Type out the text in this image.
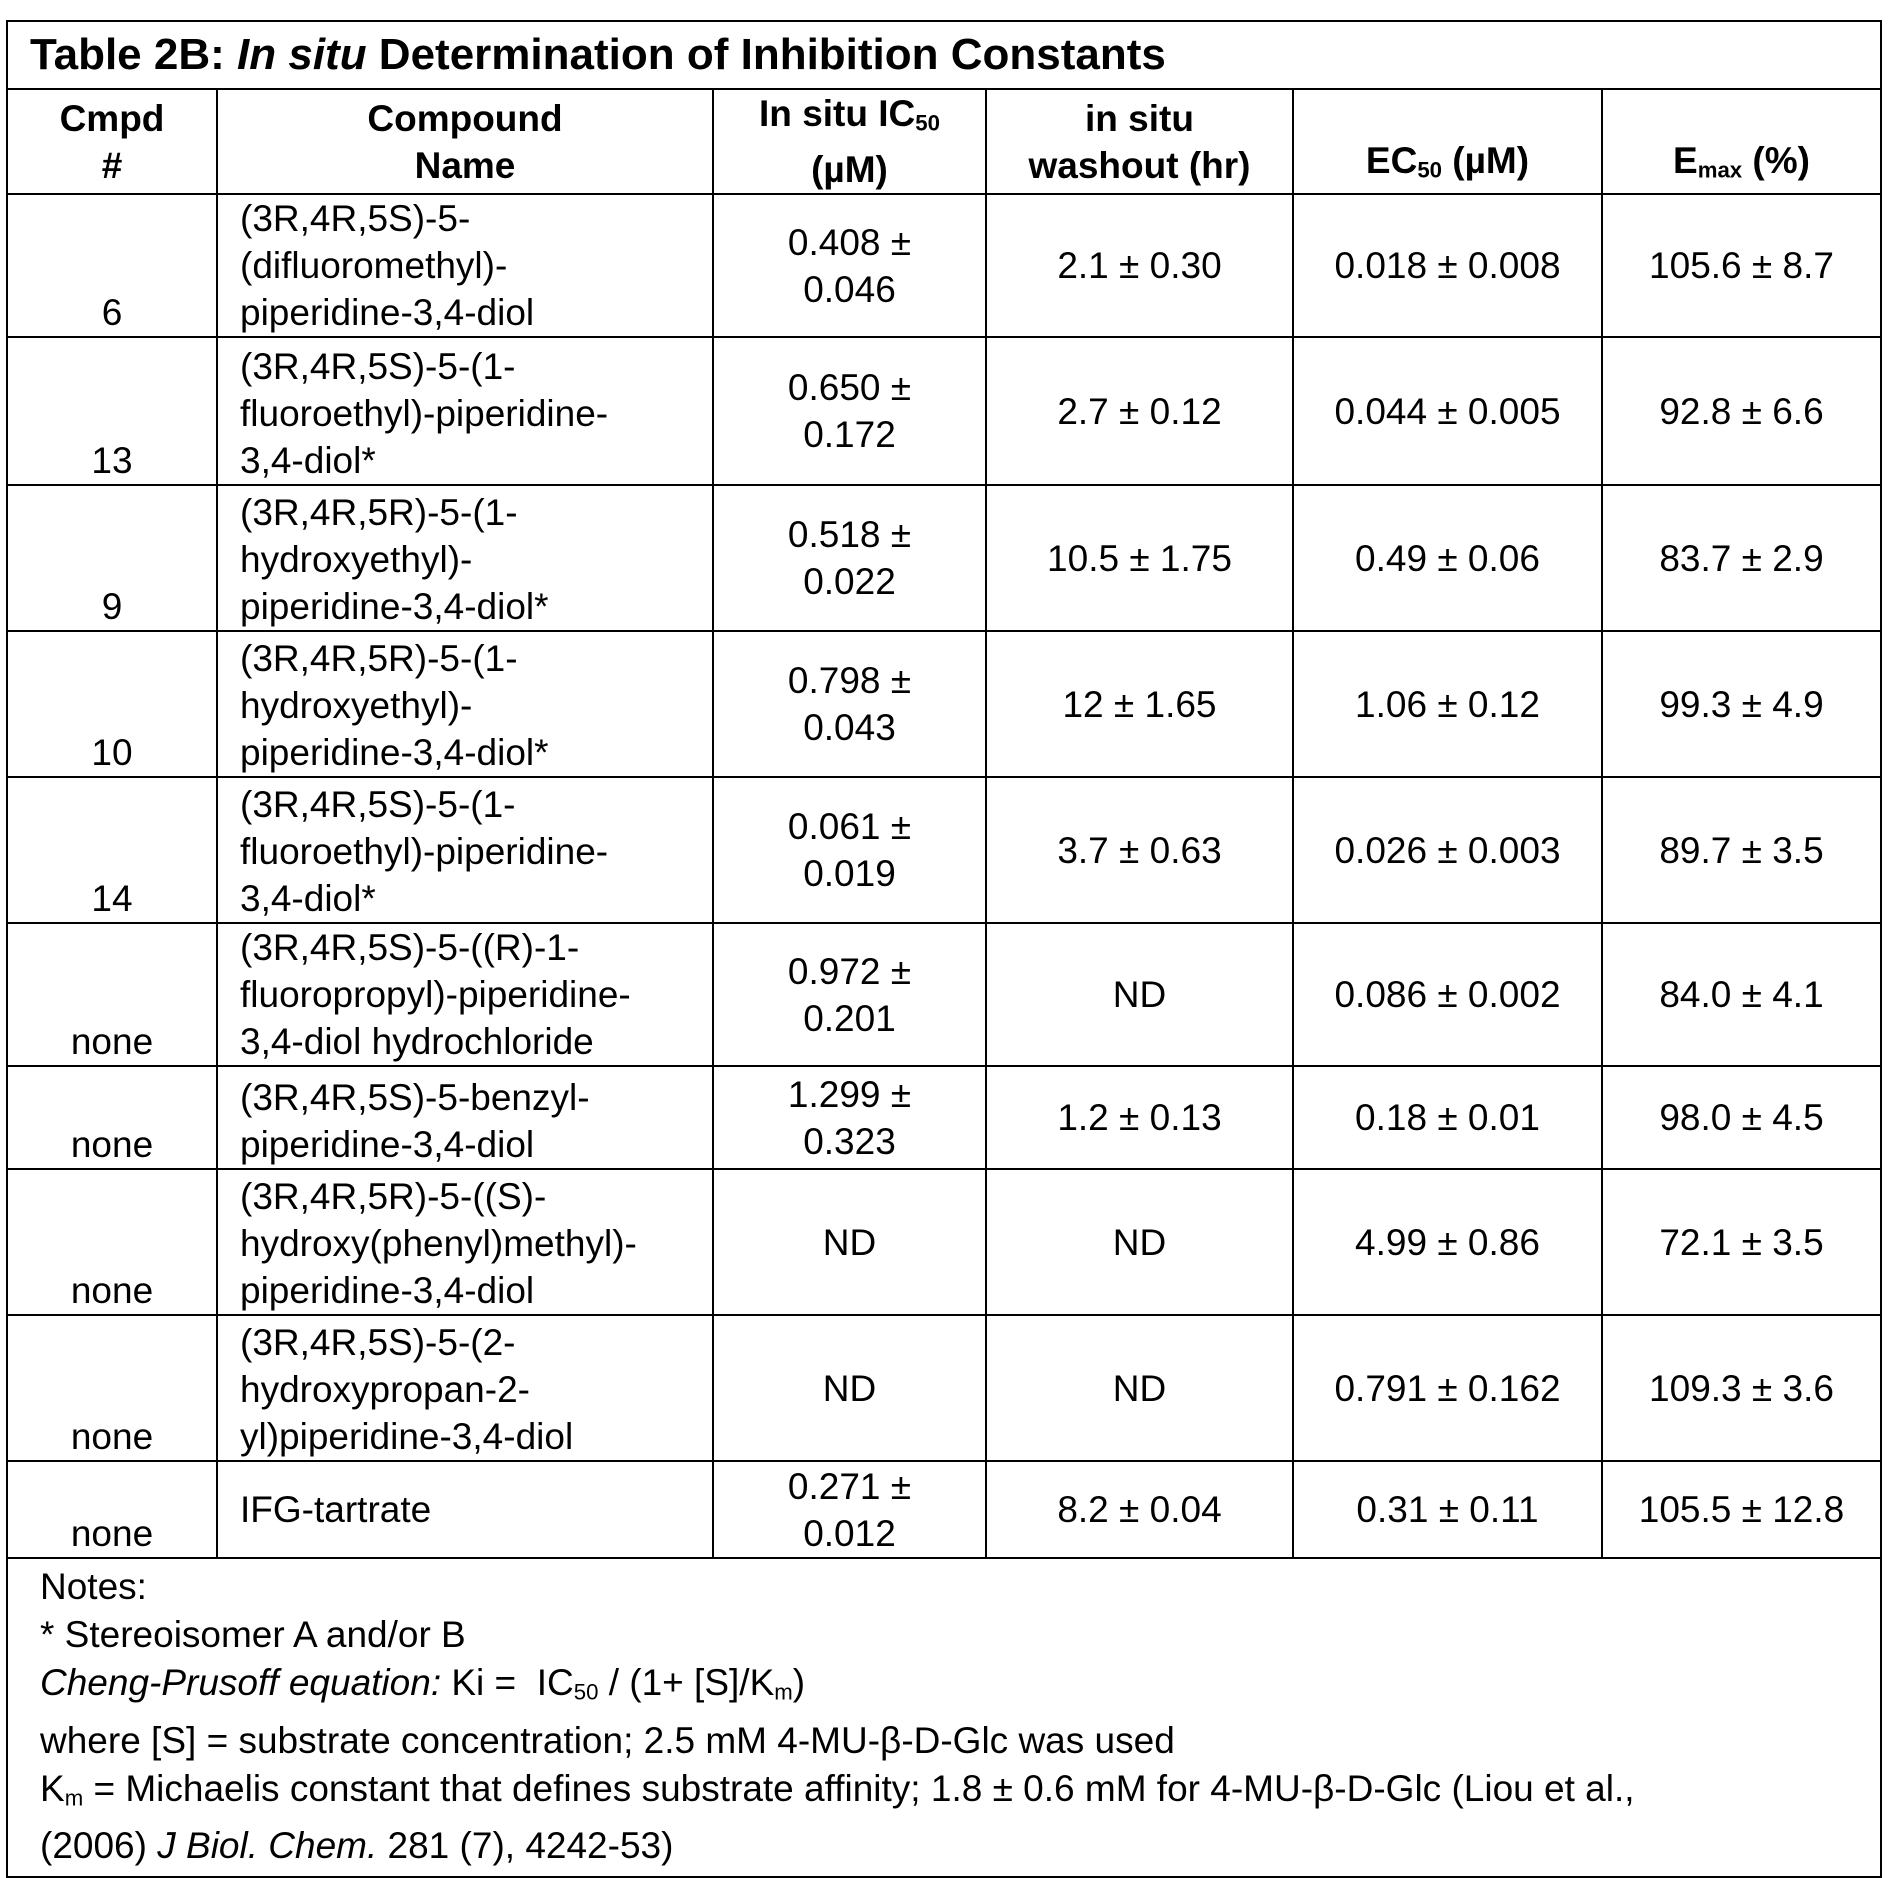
Table 2B: In situ Determination of Inhibition Constants
Cmpd
#	Compound
Name	In situ IC50
(µM)	in situ
washout (hr)	EC50 (µM)	Emax (%)
6	
(3R,4R,5S)-5-
(difluoromethyl)-
piperidine-3,4-diol

0.408 ±
0.046
	2.1 ± 0.30	0.018 ± 0.008	105.6 ± 8.7
13	
(3R,4R,5S)-5-(1-
fluoroethyl)-piperidine-
3,4-diol*

0.650 ±
0.172
	2.7 ± 0.12	0.044 ± 0.005	92.8 ± 6.6
9	
(3R,4R,5R)-5-(1-
hydroxyethyl)-
piperidine-3,4-diol*

0.518 ±
0.022
	10.5 ± 1.75	0.49 ± 0.06	83.7 ± 2.9
10	
(3R,4R,5R)-5-(1-
hydroxyethyl)-
piperidine-3,4-diol*

0.798 ±
0.043
	12 ± 1.65	1.06 ± 0.12	99.3 ± 4.9
14	
(3R,4R,5S)-5-(1-
fluoroethyl)-piperidine-
3,4-diol*

0.061 ±
0.019
	3.7 ± 0.63	0.026 ± 0.003	89.7 ± 3.5
none	
(3R,4R,5S)-5-((R)-1-
fluoropropyl)-piperidine-
3,4-diol hydrochloride

0.972 ±
0.201
	ND	0.086 ± 0.002	84.0 ± 4.1
none	
(3R,4R,5S)-5-benzyl-
piperidine-3,4-diol

1.299 ±
0.323
	1.2 ± 0.13	0.18 ± 0.01	98.0 ± 4.5
none	
(3R,4R,5R)-5-((S)-
hydroxy(phenyl)methyl)-
piperidine-3,4-diol

ND	ND	4.99 ± 0.86	72.1 ± 3.5
none	
(3R,4R,5S)-5-(2-
hydroxypropan-2-
yl)piperidine-3,4-diol

ND	ND	0.791 ± 0.162	109.3 ± 3.6
none	
IFG-tartrate

0.271 ±
0.012
	8.2 ± 0.04	0.31 ± 0.11	105.5 ± 12.8
Notes:
* Stereoisomer A and/or B
Cheng-Prusoff equation: Ki =  IC50 / (1+ [S]/Km)
where [S] = substrate concentration; 2.5 mM 4-MU-β-D-Glc was used
Km = Michaelis constant that defines substrate affinity; 1.8 ± 0.6 mM for 4-MU-β-D-Glc (Liou et al.,
(2006) J Biol. Chem. 281 (7), 4242-53)
